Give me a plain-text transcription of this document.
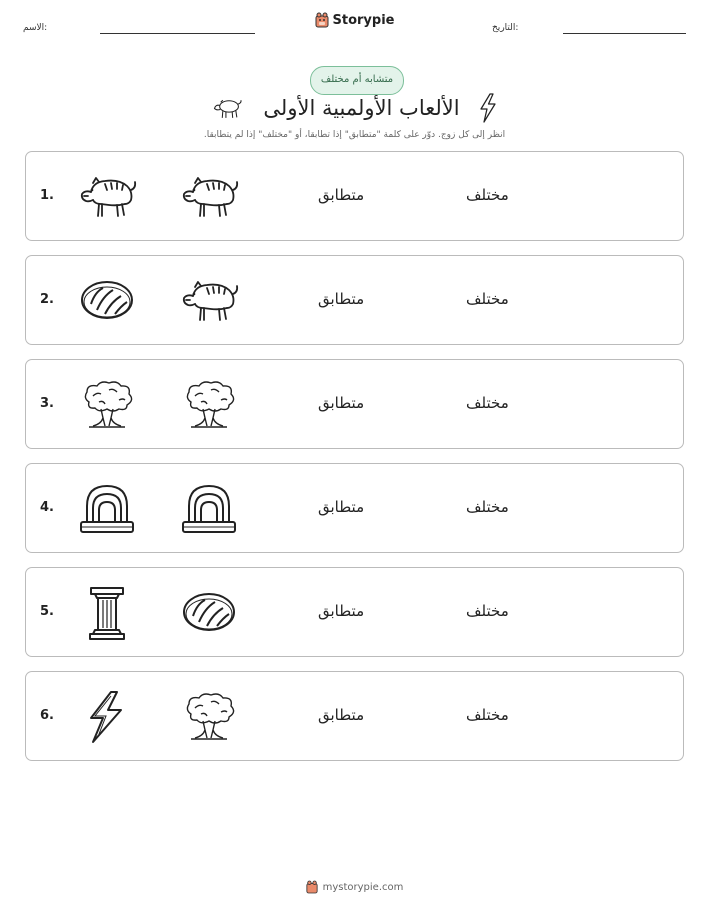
الاسم:	التاريخ:
Storypie
متشابه أم مختلف
الألعاب الأولمبية الأولى
انظر إلى كل زوج. دوّر على كلمة "متطابق" إذا تطابقا، أو "مختلف" إذا لم يتطابقا.
1.	متطابق	مختلف
2.	متطابق	مختلف
3.	متطابق	مختلف
4.	متطابق	مختلف
5.	متطابق	مختلف
6.	متطابق	مختلف
mystorypie.com
